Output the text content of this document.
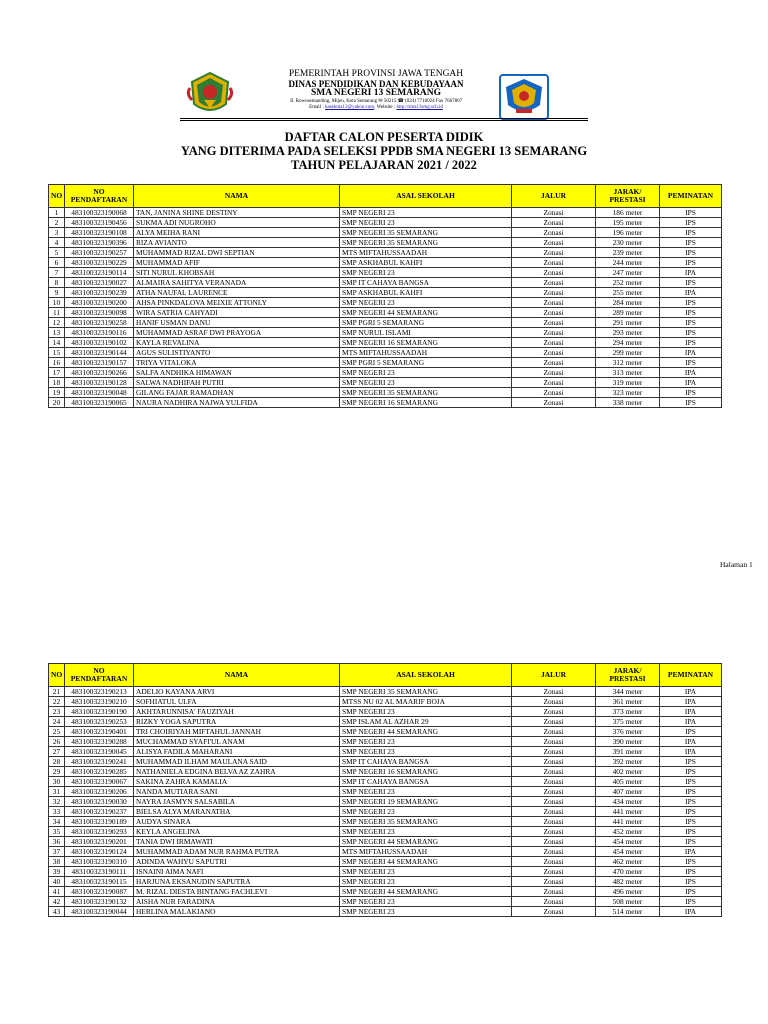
PEMERINTAH PROVINSI JAWA TENGAH
DINAS PENDIDIKAN DAN KEBUDAYAAN
SMA NEGERI 13 SEMARANG
Jl. Rowosemanding, Mijen, Kota Semarang ✉ 50215 ☎ (024) 7710024 Fax 7667807
Email : kasekma13@yahoo.com, Website : http://sma13smg.sch.id
DAFTAR CALON PESERTA DIDIK
YANG DITERIMA PADA SELEKSI PPDB SMA NEGERI 13 SEMARANG
TAHUN PELAJARAN 2021 / 2022
NO	NO PENDAFTARAN	NAMA	ASAL SEKOLAH	JALUR	JARAK/ PRESTASI	PEMINATAN
1	483100323190068	TAN, JANINA SHINE DESTINY	SMP NEGERI 23	Zonasi	186 meter	IPS
2	483100323190456	SUKMA ADI NUGROHO	SMP NEGERI 23	Zonasi	195 meter	IPS
3	483100323190108	ALYA MEIHA RANI	SMP NEGERI 35 SEMARANG	Zonasi	196 meter	IPS
4	483100323190396	RIZA AVIANTO	SMP NEGERI 35 SEMARANG	Zonasi	230 meter	IPS
5	483100323190257	MUHAMMAD RIZAL DWI SEPTIAN	MTS MIFTAHUSSAADAH	Zonasi	239 meter	IPS
6	483100323190229	MUHAMMAD AFIF	SMP ASKHABUL KAHFI	Zonasi	244 meter	IPS
7	483100323190114	SITI NURUL KHOBSAH	SMP NEGERI 23	Zonasi	247 meter	IPA
8	483100323190027	ALMAIRA SAHITYA VERANADA	SMP IT CAHAYA BANGSA	Zonasi	252 meter	IPS
9	483100323190239	ATHA NAUFAL LAURENCE	SMP ASKHABUL KAHFI	Zonasi	255 meter	IPA
10	483100323190200	AHSA PINKDALOVA MEIXIE ATTONLY	SMP NEGERI 23	Zonasi	284 meter	IPS
11	483100323190098	WIRA SATRIA CAHYADI	SMP NEGERI 44 SEMARANG	Zonasi	289 meter	IPS
12	483100323190258	HANIF USMAN DANU	SMP PGRI 5 SEMARANG	Zonasi	291 meter	IPS
13	483100323190116	MUHAMMAD ASRAF DWI PRAYOGA	SMP NURUL ISLAMI	Zonasi	293 meter	IPS
14	483100323190102	KAYLA REVALINA	SMP NEGERI 16 SEMARANG	Zonasi	294 meter	IPS
15	483100323190144	AGUS SULISTIYANTO	MTS MIFTAHUSSAADAH	Zonasi	299 meter	IPA
16	483100323190157	TRIYA VITALOKA	SMP PGRI 5 SEMARANG	Zonasi	312 meter	IPS
17	483100323190266	SALFA ANDHIKA HIMAWAN	SMP NEGERI 23	Zonasi	313 meter	IPA
18	483100323190128	SALWA NADHIFAH PUTRI	SMP NEGERI 23	Zonasi	319 meter	IPA
19	483100323190048	GILANG FAJAR RAMADHAN	SMP NEGERI 35 SEMARANG	Zonasi	323 meter	IPS
20	483100323190065	NAURA NADHIRA NAJWA YULFIDA	SMP NEGERI 16 SEMARANG	Zonasi	338 meter	IPS
Halaman 1
NO	NO PENDAFTARAN	NAMA	ASAL SEKOLAH	JALUR	JARAK/ PRESTASI	PEMINATAN
21	483100323190213	ADELIO KAYANA ARVI	SMP NEGERI 35 SEMARANG	Zonasi	344 meter	IPA
22	483100323190210	SOFHIATUL ULFA	MTSS NU 02 AL MAARIF BOJA	Zonasi	361 meter	IPA
23	483100323190190	AKHTARUNNISA' FAUZIYAH	SMP NEGERI 23	Zonasi	373 meter	IPA
24	483100323190253	RIZKY YOGA SAPUTRA	SMP ISLAM AL AZHAR 29	Zonasi	375 meter	IPA
25	483100323190401	TRI CHOIRIYAH MIFTAHUL JANNAH	SMP NEGERI 44 SEMARANG	Zonasi	376 meter	IPS
26	483100323190288	MUCHAMMAD SYAFI'UL ANAM	SMP NEGERI 23	Zonasi	390 meter	IPA
27	483100323190045	ALISYA FADILA MAHARANI	SMP NEGERI 23	Zonasi	391 meter	IPA
28	483100323190241	MUHAMMAD ILHAM MAULANA SAID	SMP IT CAHAYA BANGSA	Zonasi	392 meter	IPS
29	483100323190285	NATHANIELA EDGINA BELVA AZ ZAHRA	SMP NEGERI 16 SEMARANG	Zonasi	402 meter	IPS
30	483100323190067	SAKINA ZAHRA KAMALIA	SMP IT CAHAYA BANGSA	Zonasi	405 meter	IPS
31	483100323190206	NANDA MUTIARA SANI	SMP NEGERI 23	Zonasi	407 meter	IPS
32	483100323190030	NAYRA JASMYN SALSABILA	SMP NEGERI 19 SEMARANG	Zonasi	434 meter	IPS
33	483100323190237	BIELSA ALYA MARANATHA	SMP NEGERI 23	Zonasi	441 meter	IPS
34	483100323190189	AUDYA SINARA	SMP NEGERI 35 SEMARANG	Zonasi	441 meter	IPS
35	483100323190293	KEYLA ANGELINA	SMP NEGERI 23	Zonasi	452 meter	IPS
36	483100323190201	TANIA DWI IRMAWATI	SMP NEGERI 44 SEMARANG	Zonasi	454 meter	IPS
37	483100323190124	MUHAMMAD ADAM NUR RAHMA PUTRA	MTS MIFTAHUSSAADAH	Zonasi	454 meter	IPA
38	483100323190310	ADINDA WAHYU SAPUTRI	SMP NEGERI 44 SEMARANG	Zonasi	462 meter	IPS
39	483100323190111	ISNAINI AIMA NAFI	SMP NEGERI 23	Zonasi	470 meter	IPS
40	483100323190115	HARJUNA EKSANUDIN SAPUTRA	SMP NEGERI 23	Zonasi	482 meter	IPS
41	483100323190087	M. RIZAL DIESTA BINTANG FACHLEVI	SMP NEGERI 44 SEMARANG	Zonasi	496 meter	IPS
42	483100323190132	AISHA NUR FARADINA	SMP NEGERI 23	Zonasi	508 meter	IPS
43	483100323190044	HERLINA MALAKIANO	SMP NEGERI 23	Zonasi	514 meter	IPA
